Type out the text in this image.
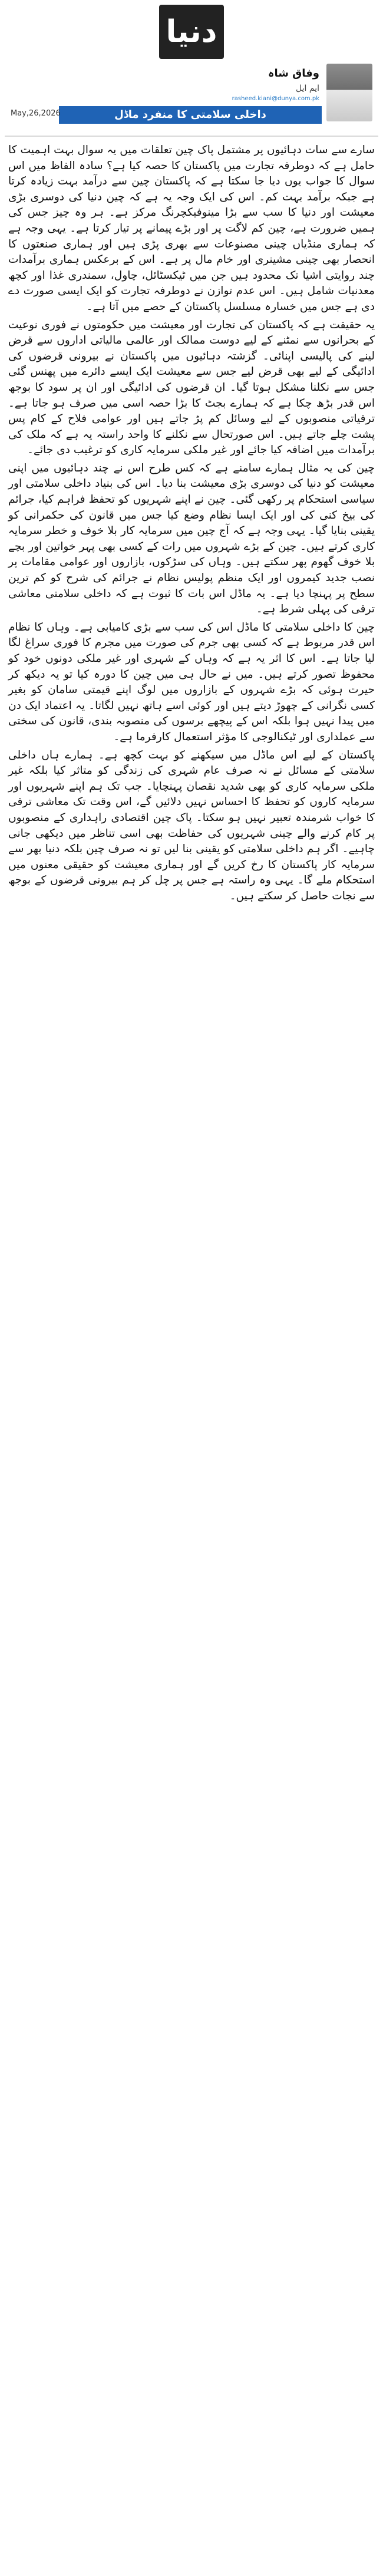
دنیا
وفاق شاہ
ایم ایل
rasheed.kiani@dunya.com.pk
داخلی سلامتی کا منفرد ماڈل
May,26,2026

سارے سے سات دہائیوں پر مشتمل پاک چین تعلقات میں یہ سوال بہت اہمیت کا حامل ہے کہ دوطرفہ تجارت میں پاکستان کا حصہ کیا ہے؟ سادہ الفاظ میں اس سوال کا جواب یوں دیا جا سکتا ہے کہ پاکستان چین سے درآمد بہت زیادہ کرتا ہے جبکہ برآمد بہت کم۔ اس کی ایک وجہ یہ ہے کہ چین دنیا کی دوسری بڑی معیشت اور دنیا کا سب سے بڑا مینوفیکچرنگ مرکز ہے۔ ہر وہ چیز جس کی ہمیں ضرورت ہے، چین کم لاگت پر اور بڑے پیمانے پر تیار کرتا ہے۔ یہی وجہ ہے کہ ہماری منڈیاں چینی مصنوعات سے بھری پڑی ہیں اور ہماری صنعتوں کا انحصار بھی چینی مشینری اور خام مال پر ہے۔ اس کے برعکس ہماری برآمدات چند روایتی اشیا تک محدود ہیں جن میں ٹیکسٹائل، چاول، سمندری غذا اور کچھ معدنیات شامل ہیں۔ اس عدم توازن نے دوطرفہ تجارت کو ایک ایسی صورت دے دی ہے جس میں خسارہ مسلسل پاکستان کے حصے میں آتا ہے۔

یہ حقیقت ہے کہ پاکستان کی تجارت اور معیشت میں حکومتوں نے فوری نوعیت کے بحرانوں سے نمٹنے کے لیے دوست ممالک اور عالمی مالیاتی اداروں سے قرض لینے کی پالیسی اپنائی۔ گزشتہ دہائیوں میں پاکستان نے بیرونی قرضوں کی ادائیگی کے لیے بھی قرض لیے جس سے معیشت ایک ایسے دائرے میں پھنس گئی جس سے نکلنا مشکل ہوتا گیا۔ ان قرضوں کی ادائیگی اور ان پر سود کا بوجھ اس قدر بڑھ چکا ہے کہ ہمارے بجٹ کا بڑا حصہ اسی میں صرف ہو جاتا ہے۔ ترقیاتی منصوبوں کے لیے وسائل کم پڑ جاتے ہیں اور عوامی فلاح کے کام پس پشت چلے جاتے ہیں۔ اس صورتحال سے نکلنے کا واحد راستہ یہ ہے کہ ملک کی برآمدات میں اضافہ کیا جائے اور غیر ملکی سرمایہ کاری کو ترغیب دی جائے۔

چین کی یہ مثال ہمارے سامنے ہے کہ کس طرح اس نے چند دہائیوں میں اپنی معیشت کو دنیا کی دوسری بڑی معیشت بنا دیا۔ اس کی بنیاد داخلی سلامتی اور سیاسی استحکام پر رکھی گئی۔ چین نے اپنے شہریوں کو تحفظ فراہم کیا، جرائم کی بیخ کنی کی اور ایک ایسا نظام وضع کیا جس میں قانون کی حکمرانی کو یقینی بنایا گیا۔ یہی وجہ ہے کہ آج چین میں سرمایہ کار بلا خوف و خطر سرمایہ کاری کرتے ہیں۔ چین کے بڑے شہروں میں رات کے کسی بھی پہر خواتین اور بچے بلا خوف گھوم پھر سکتے ہیں۔ وہاں کی سڑکوں، بازاروں اور عوامی مقامات پر نصب جدید کیمروں اور ایک منظم پولیس نظام نے جرائم کی شرح کو کم ترین سطح پر پہنچا دیا ہے۔ یہ ماڈل اس بات کا ثبوت ہے کہ داخلی سلامتی معاشی ترقی کی پہلی شرط ہے۔

چین کا داخلی سلامتی کا ماڈل اس کی سب سے بڑی کامیابی ہے۔ وہاں کا نظام اس قدر مربوط ہے کہ کسی بھی جرم کی صورت میں مجرم کا فوری سراغ لگا لیا جاتا ہے۔ اس کا اثر یہ ہے کہ وہاں کے شہری اور غیر ملکی دونوں خود کو محفوظ تصور کرتے ہیں۔ میں نے حال ہی میں چین کا دورہ کیا تو یہ دیکھ کر حیرت ہوئی کہ بڑے شہروں کے بازاروں میں لوگ اپنے قیمتی سامان کو بغیر کسی نگرانی کے چھوڑ دیتے ہیں اور کوئی اسے ہاتھ نہیں لگاتا۔ یہ اعتماد ایک دن میں پیدا نہیں ہوا بلکہ اس کے پیچھے برسوں کی منصوبہ بندی، قانون کی سختی سے عملداری اور ٹیکنالوجی کا مؤثر استعمال کارفرما ہے۔

پاکستان کے لیے اس ماڈل میں سیکھنے کو بہت کچھ ہے۔ ہمارے ہاں داخلی سلامتی کے مسائل نے نہ صرف عام شہری کی زندگی کو متاثر کیا بلکہ غیر ملکی سرمایہ کاری کو بھی شدید نقصان پہنچایا۔ جب تک ہم اپنے شہریوں اور سرمایہ کاروں کو تحفظ کا احساس نہیں دلائیں گے، اس وقت تک معاشی ترقی کا خواب شرمندہ تعبیر نہیں ہو سکتا۔ پاک چین اقتصادی راہداری کے منصوبوں پر کام کرنے والے چینی شہریوں کی حفاظت بھی اسی تناظر میں دیکھی جانی چاہیے۔ اگر ہم داخلی سلامتی کو یقینی بنا لیں تو نہ صرف چین بلکہ دنیا بھر سے سرمایہ کار پاکستان کا رخ کریں گے اور ہماری معیشت کو حقیقی معنوں میں استحکام ملے گا۔ یہی وہ راستہ ہے جس پر چل کر ہم بیرونی قرضوں کے بوجھ سے نجات حاصل کر سکتے ہیں۔
